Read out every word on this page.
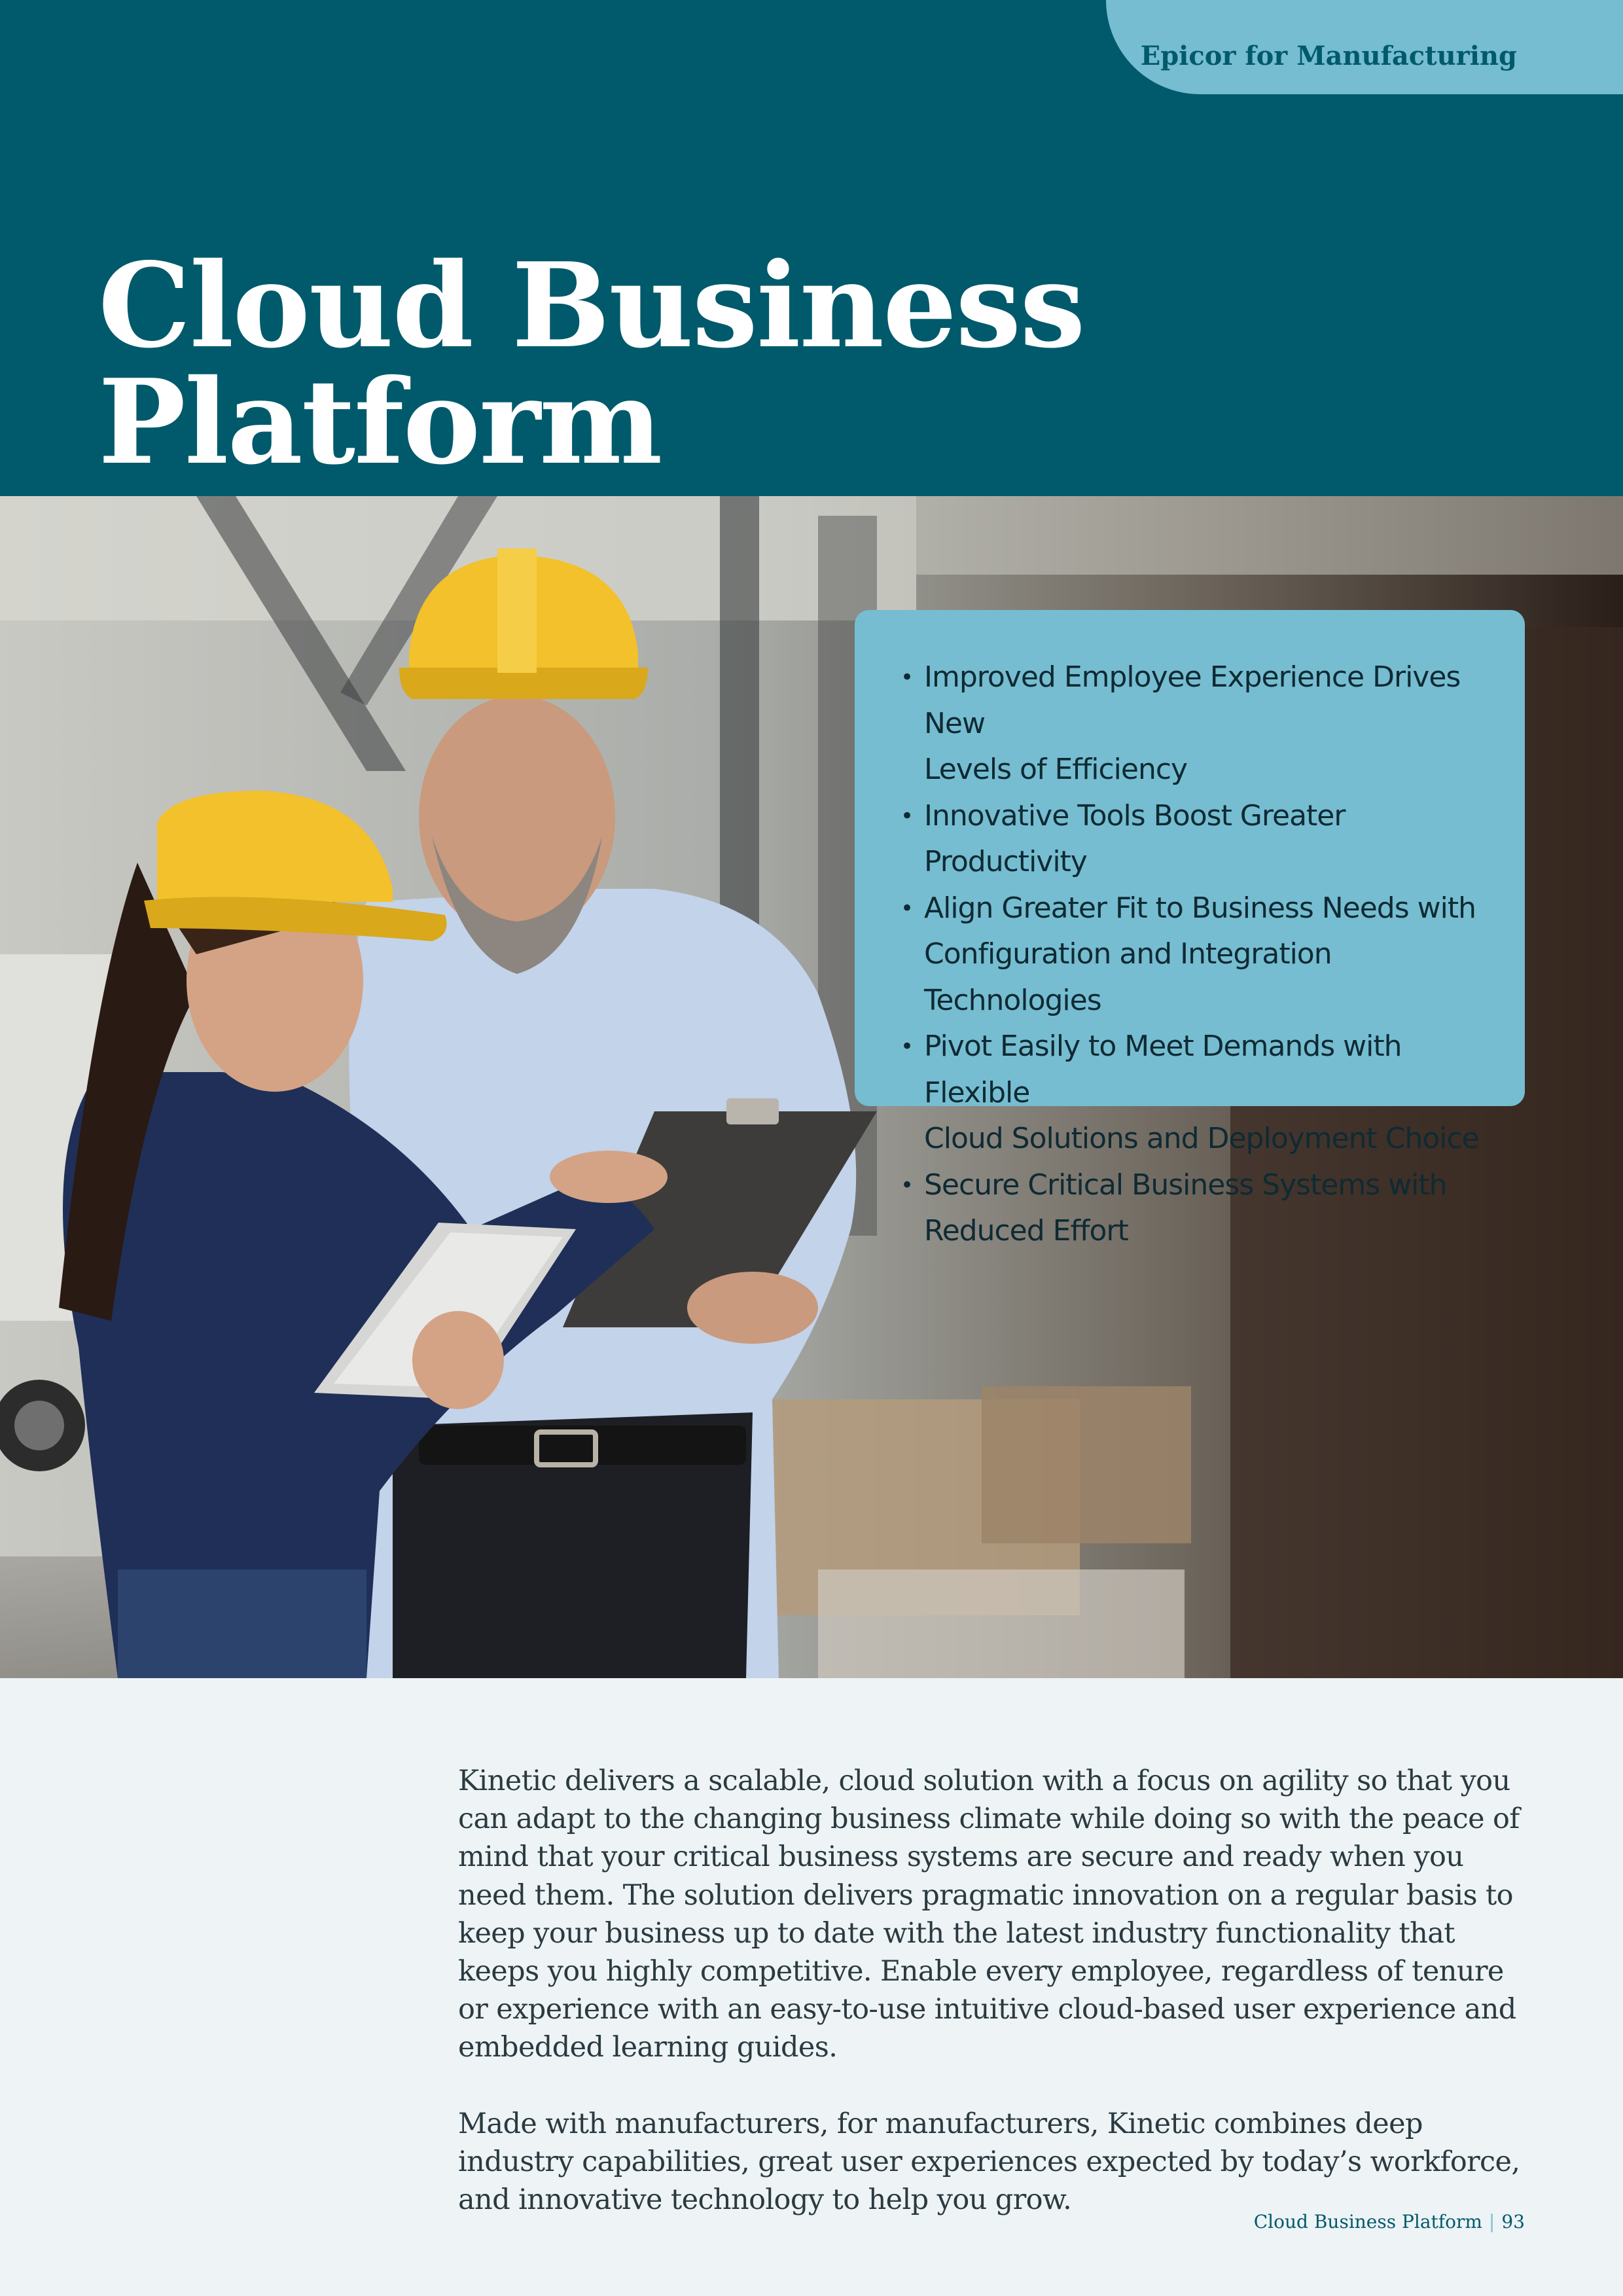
Epicor for Manufacturing
Cloud Business Platform
• Improved Employee Experience Drives New
Levels of Efficiency
• Innovative Tools Boost Greater Productivity
• Align Greater Fit to Business Needs with
Configuration and Integration Technologies
• Pivot Easily to Meet Demands with Flexible
Cloud Solutions and Deployment Choice
• Secure Critical Business Systems with
Reduced Effort

Kinetic delivers a scalable, cloud solution with a focus on agility so that you can adapt to the changing business climate while doing so with the peace of mind that your critical business systems are secure and ready when you need them. The solution delivers pragmatic innovation on a regular basis to keep your business up to date with the latest industry functionality that keeps you highly competitive. Enable every employee, regardless of tenure or experience with an easy-to-use intuitive cloud-based user experience and embedded learning guides.

Made with manufacturers, for manufacturers, Kinetic combines deep industry capabilities, great user experiences expected by today’s workforce, and innovative technology to help you grow.

Cloud Business Platform | 93
